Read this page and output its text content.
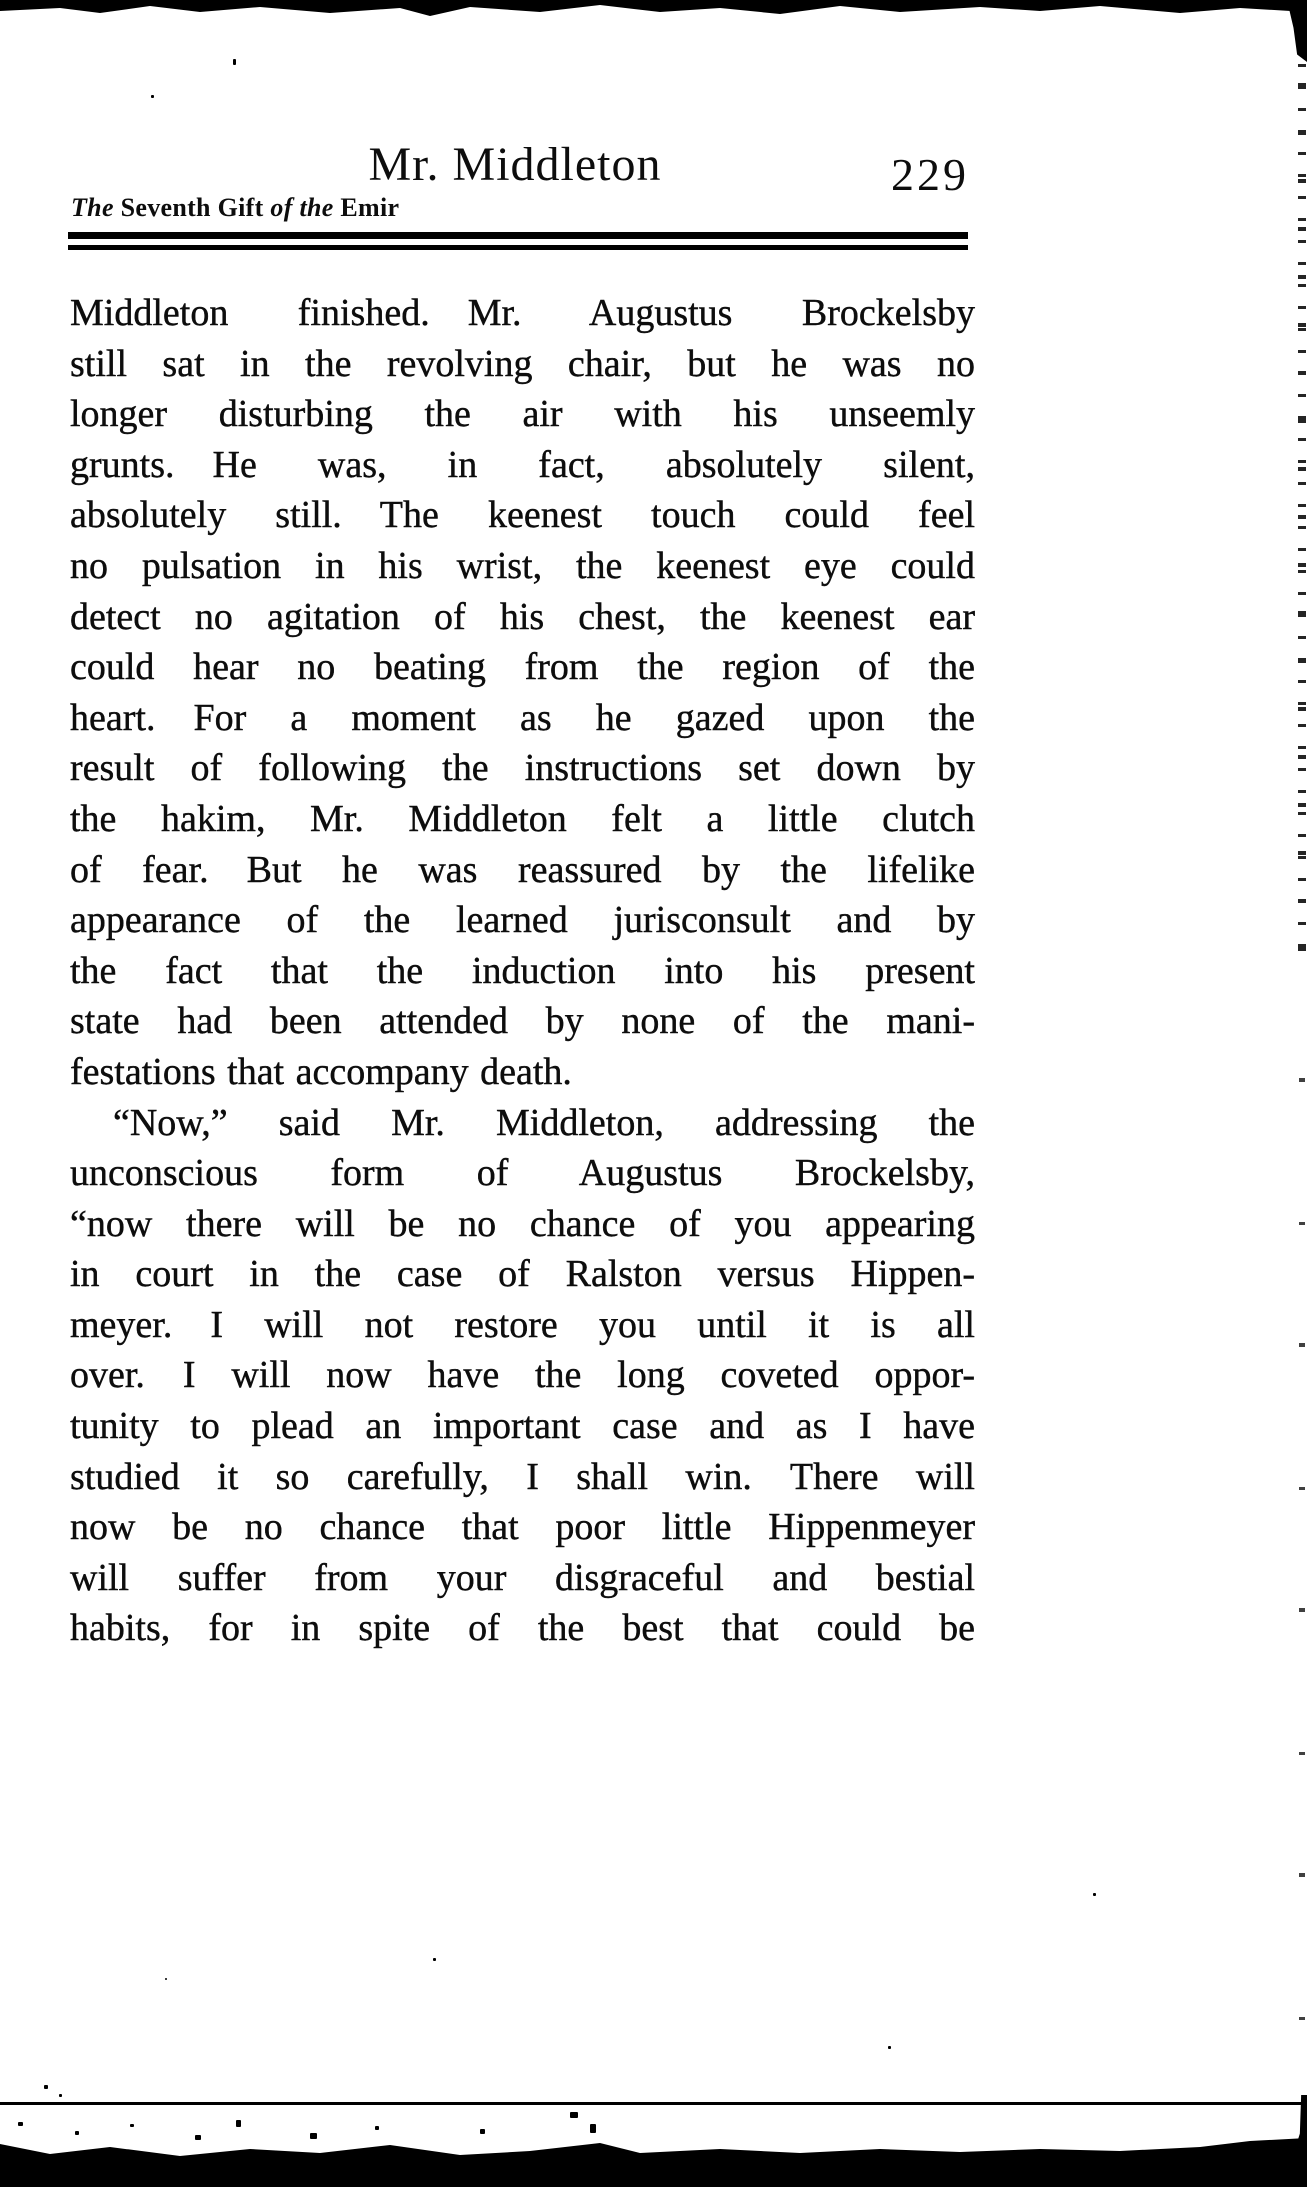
Mr. Middleton	229
The Seventh Gift of the Emir
Middleton finished. Mr. Augustus Brockelsby
still sat in the revolving chair, but he was no
longer disturbing the air with his unseemly
grunts. He was, in fact, absolutely silent,
absolutely still. The keenest touch could feel
no pulsation in his wrist, the keenest eye could
detect no agitation of his chest, the keenest ear
could hear no beating from the region of the
heart. For a moment as he gazed upon the
result of following the instructions set down by
the hakim, Mr. Middleton felt a little clutch
of fear. But he was reassured by the lifelike
appearance of the learned jurisconsult and by
the fact that the induction into his present
state had been attended by none of the mani-
festations that accompany death.
“Now,” said Mr. Middleton, addressing the
unconscious form of Augustus Brockelsby,
“now there will be no chance of you appearing
in court in the case of Ralston versus Hippen-
meyer. I will not restore you until it is all
over. I will now have the long coveted oppor-
tunity to plead an important case and as I have
studied it so carefully, I shall win. There will
now be no chance that poor little Hippenmeyer
will suffer from your disgraceful and bestial
habits, for in spite of the best that could be
